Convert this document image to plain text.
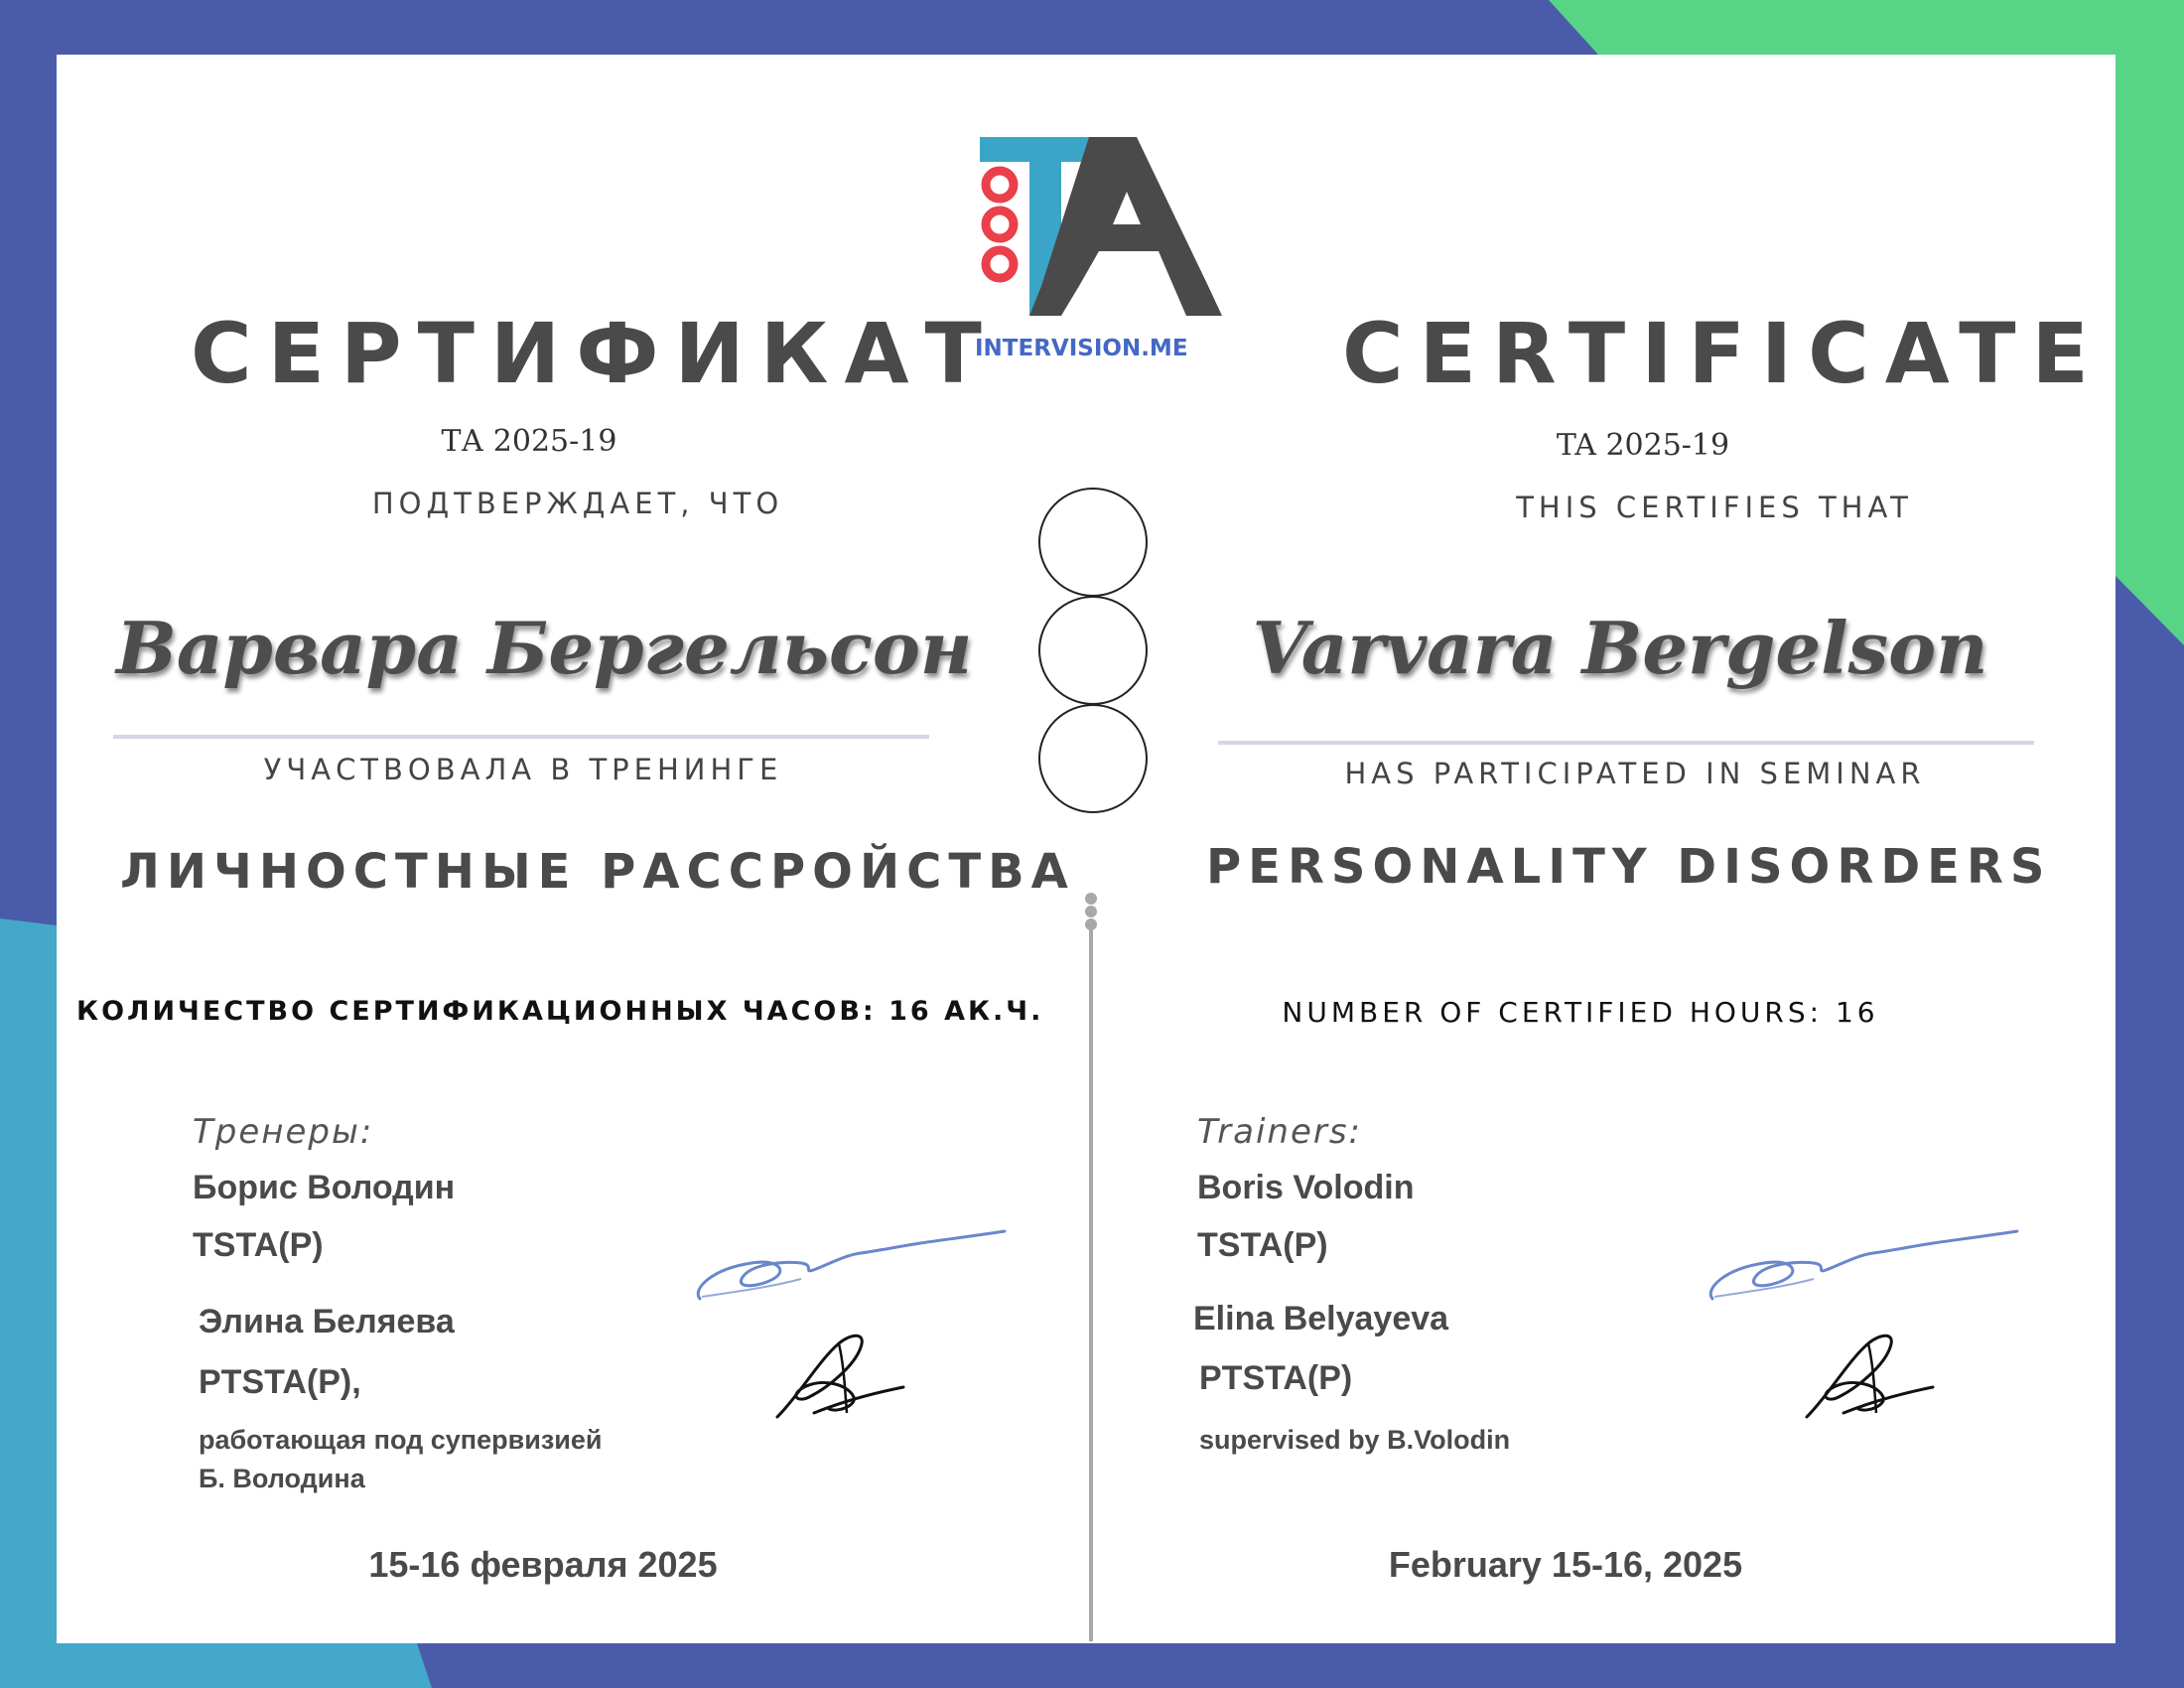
INTERVISION.ME
СЕРТИФИКАТ	CERTIFICATE
ТА 2025-19	TA 2025-19
ПОДТВЕРЖДАЕТ, ЧТО	THIS CERTIFIES THAT
Варвара Бергельсон	Varvara Bergelson
УЧАСТВОВАЛА В ТРЕНИНГЕ	HAS PARTICIPATED IN SEMINAR
ЛИЧНОСТНЫЕ РАССРОЙСТВА	PERSONALITY DISORDERS
КОЛИЧЕСТВО СЕРТИФИКАЦИОННЫХ ЧАСОВ: 16 АК.Ч.	NUMBER OF CERTIFIED HOURS: 16
Тренеры:	Trainers:
Борис Володин
TSTA(P)
Boris Volodin
TSTA(P)
Элина Беляева
PTSTA(P),
работающая под супервизией
Б. Володина
Elina Belyayeva
PTSTA(P)
supervised by B.Volodin
15-16 февраля 2025	February 15-16, 2025
